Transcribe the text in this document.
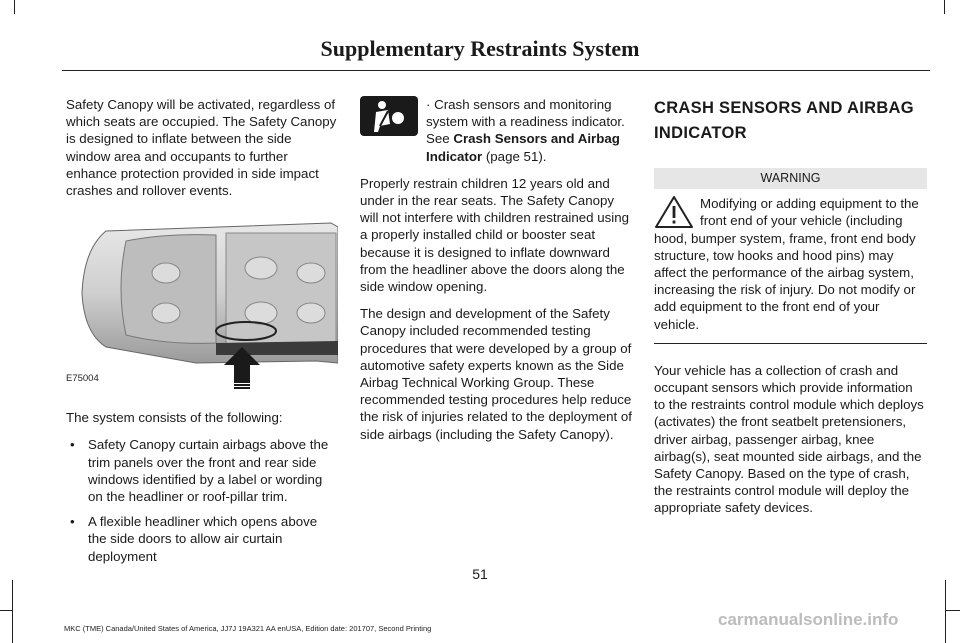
Supplementary Restraints System

Safety Canopy will be activated, regardless of which seats are occupied. The Safety Canopy is designed to inflate between the side window area and occupants to further enhance protection provided in side impact crashes and rollover events.

E75004

The system consists of the following:

• Safety Canopy curtain airbags above the trim panels over the front and rear side windows identified by a label or wording on the headliner or roof-pillar trim.
• A flexible headliner which opens above the side doors to allow air curtain deployment

· Crash sensors and monitoring system with a readiness indicator. See Crash Sensors and Airbag Indicator (page 51).

Properly restrain children 12 years old and under in the rear seats. The Safety Canopy will not interfere with children restrained using a properly installed child or booster seat because it is designed to inflate downward from the headliner above the doors along the side window opening.

The design and development of the Safety Canopy included recommended testing procedures that were developed by a group of automotive safety experts known as the Side Airbag Technical Working Group. These recommended testing procedures help reduce the risk of injuries related to the deployment of side airbags (including the Safety Canopy).

CRASH SENSORS AND AIRBAG
INDICATOR
WARNING
Modifying or adding equipment to the front end of your vehicle (including hood, bumper system, frame, front end body structure, tow hooks and hood pins) may affect the performance of the airbag system, increasing the risk of injury. Do not modify or add equipment to the front end of your vehicle.

Your vehicle has a collection of crash and occupant sensors which provide information to the restraints control module which deploys (activates) the front seatbelt pretensioners, driver airbag, passenger airbag, knee airbag(s), seat mounted side airbags, and the Safety Canopy. Based on the type of crash, the restraints control module will deploy the appropriate safety devices.

51
MKC (TME) Canada/United States of America, JJ7J 19A321 AA enUSA, Edition date: 201707, Second Printing	carmanualsonline.info
